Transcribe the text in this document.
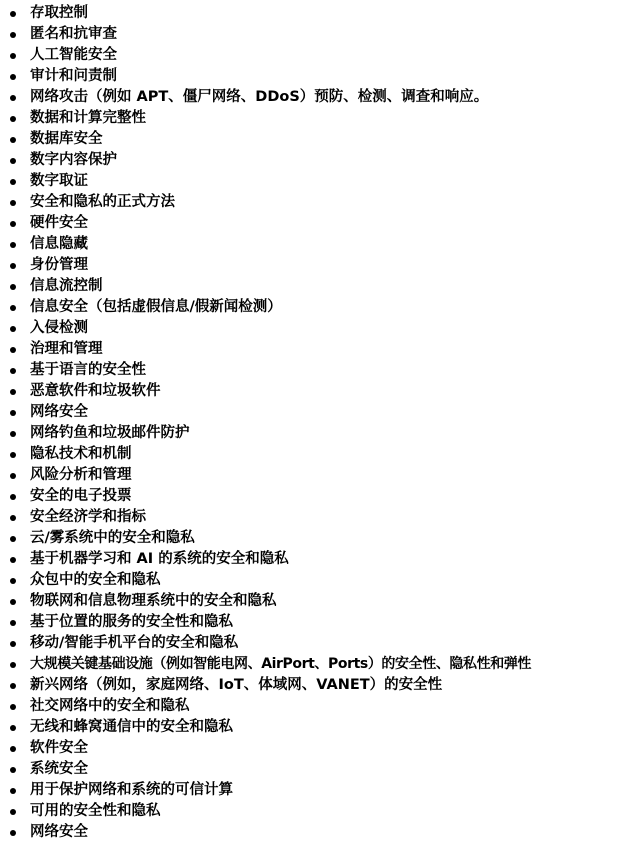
存取控制
匿名和抗审查
人工智能安全
审计和问责制
网络攻击（例如 APT、僵尸网络、DDoS）预防、检测、调查和响应。
数据和计算完整性
数据库安全
数字内容保护
数字取证
安全和隐私的正式方法
硬件安全
信息隐藏
身份管理
信息流控制
信息安全（包括虚假信息/假新闻检测）
入侵检测
治理和管理
基于语言的安全性
恶意软件和垃圾软件
网络安全
网络钓鱼和垃圾邮件防护
隐私技术和机制
风险分析和管理
安全的电子投票
安全经济学和指标
云/雾系统中的安全和隐私
基于机器学习和 AI 的系统的安全和隐私
众包中的安全和隐私
物联网和信息物理系统中的安全和隐私
基于位置的服务的安全性和隐私
移动/智能手机平台的安全和隐私
大规模关键基础设施（例如智能电网、AirPort、Ports）的安全性、隐私性和弹性
新兴网络（例如，家庭网络、IoT、体域网、VANET）的安全性
社交网络中的安全和隐私
无线和蜂窝通信中的安全和隐私
软件安全
系统安全
用于保护网络和系统的可信计算
可用的安全性和隐私
网络安全
